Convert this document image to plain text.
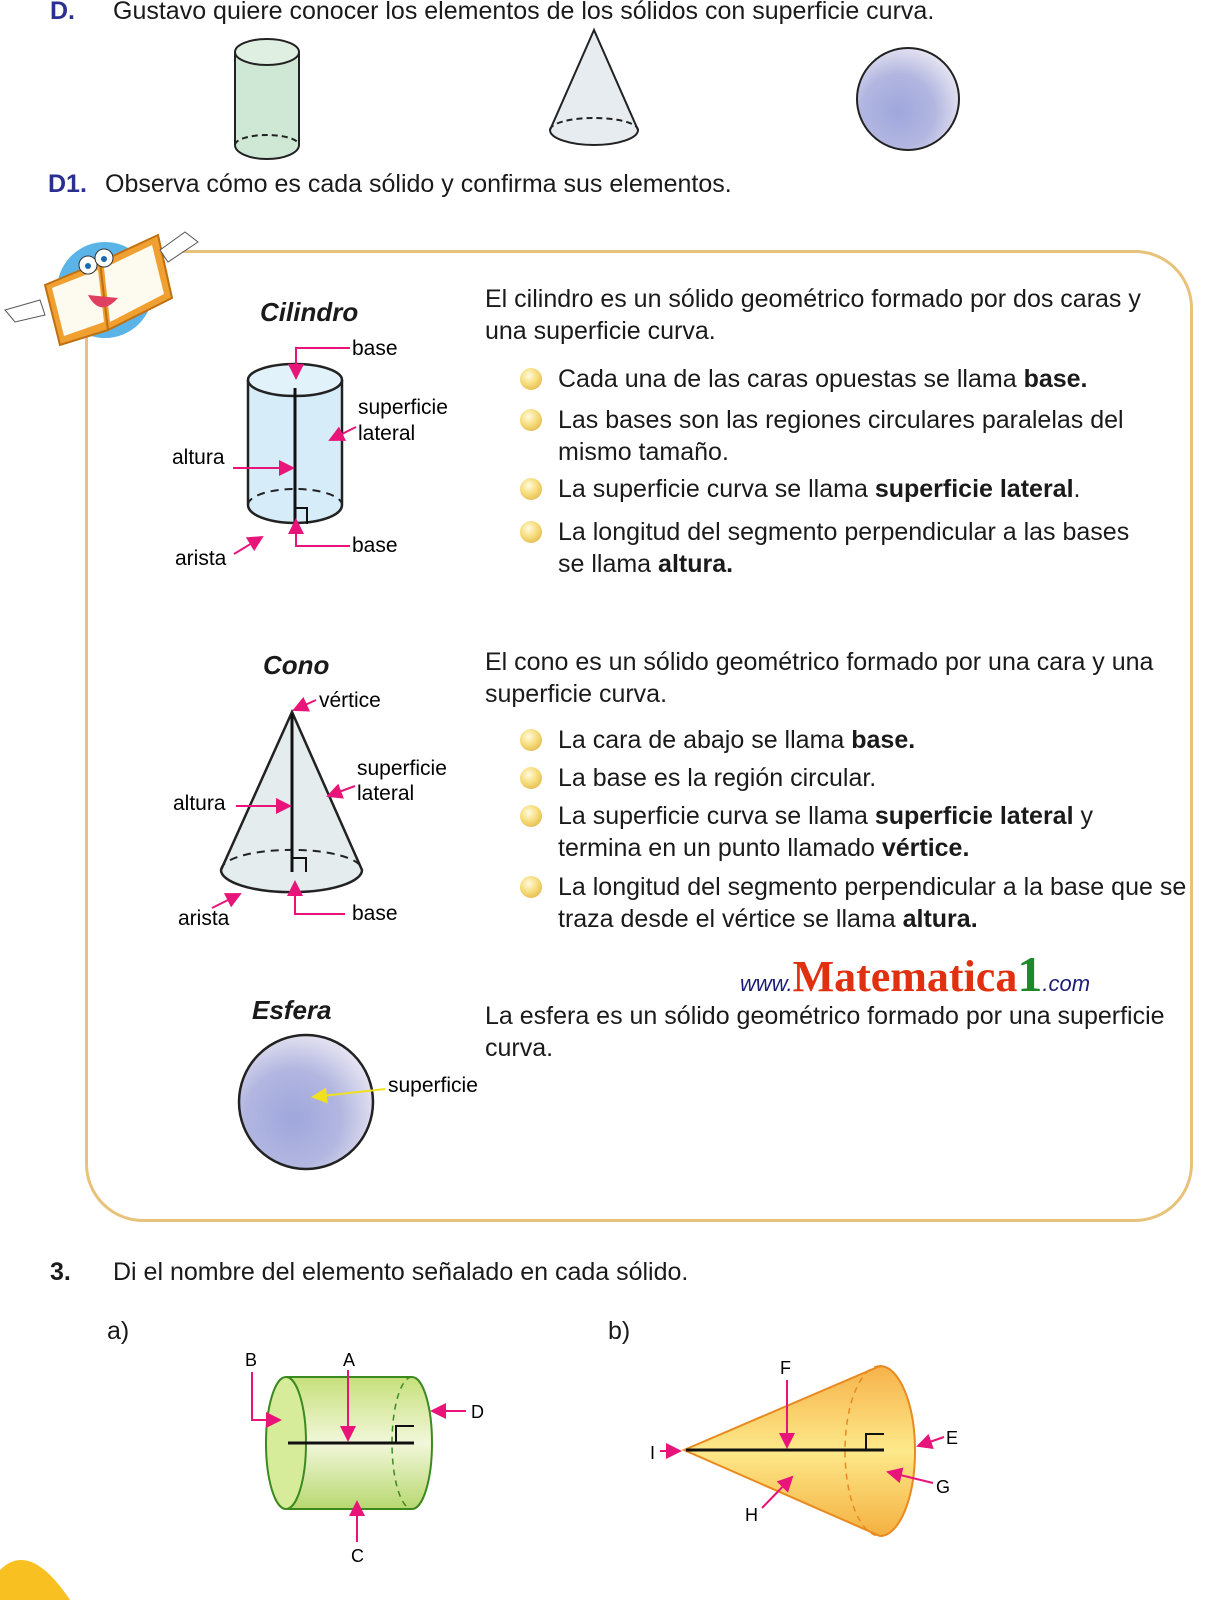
D. Gustavo quiere conocer los elementos de los sólidos con superficie curva.
D1. Observa cómo es cada sólido y confirma sus elementos.
base
superficie
lateral
altura
base
arista
vértice
superficie
lateral
altura
base
arista
superficie
B	A
C
D
F
I
E
G
H
Cilindro	El cilindro es un sólido geométrico formado por dos caras y una superficie curva.
Cada una de las caras opuestas se llama base.
Las bases son las regiones circulares paralelas del mismo tamaño.
La superficie curva se llama superficie lateral.
La longitud del segmento perpendicular a las bases se llama altura.
Cono	El cono es un sólido geométrico formado por una cara y una superficie curva.
La cara de abajo se llama base.
La base es la región circular.
La superficie curva se llama superficie lateral y termina en un punto llamado vértice.
La longitud del segmento perpendicular a la base que se traza desde el vértice se llama altura.
www.Matematica1.com
Esfera	La esfera es un sólido geométrico formado por una superficie curva.
3. Di el nombre del elemento señalado en cada sólido.
a)	b)
